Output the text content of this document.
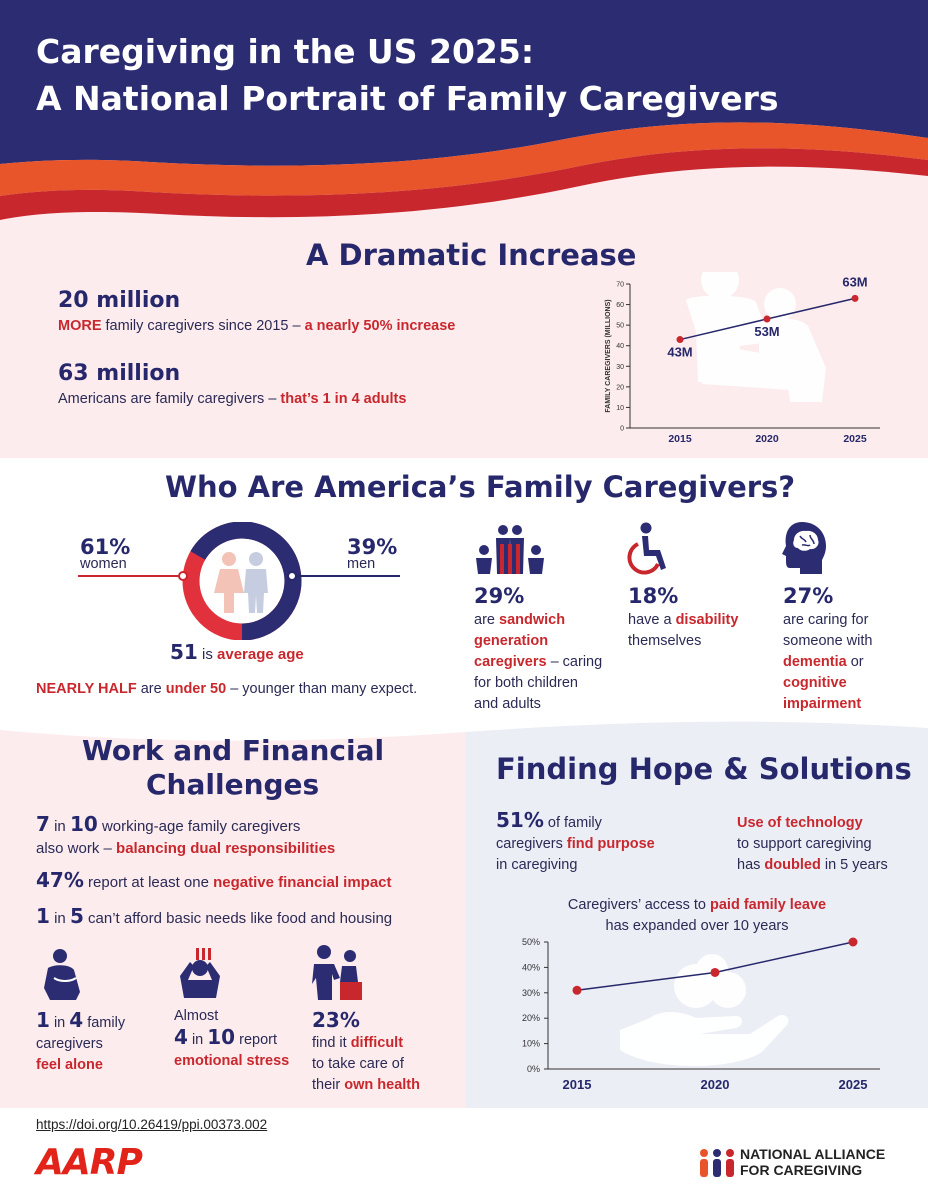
Caregiving in the US 2025:
A National Portrait of Family Caregivers
A Dramatic Increase
20 million
MORE family caregivers since 2015 – a nearly 50% increase
63 million
Americans are family caregivers – that’s 1 in 4 adults
0
10
20
30
40
50
60
70
FAMILY CAREGIVERS (MILLIONS)
2015	2020	2025
43M
53M
63M
Who Are America’s Family Caregivers?
61%
women
39%
men
51 is average age
NEARLY HALF are under 50 – younger than many expect.
29%
are sandwich
generation
caregivers – caring
for both children
and adults
18%
have a disability
themselves
27%
are caring for
someone with
dementia or
cognitive
impairment
Work and Financial
Challenges
7 in 10 working-age family caregivers
also work – balancing dual responsibilities
47% report at least one negative financial impact
1 in 5 can’t afford basic needs like food and housing
1 in 4 family
caregivers
feel alone
Almost
4 in 10 report
emotional stress
23%
find it difficult
to take care of
their own health
Finding Hope & Solutions
51% of family
caregivers find purpose
in caregiving
Use of technology
to support caregiving
has doubled in 5 years
Caregivers’ access to paid family leave
has expanded over 10 years
0%
10%
20%
30%
40%
50%
2015	2020	2025
https://doi.org/10.26419/ppi.00373.002
AARP	NATIONAL ALLIANCE
FOR CAREGIVING
